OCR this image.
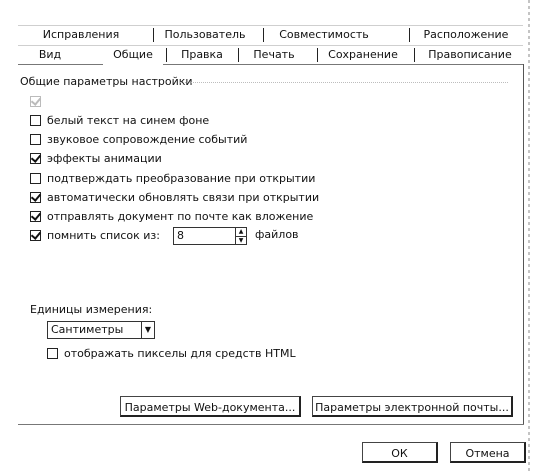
Исправления	Пользователь	Совместимость	Расположение
Вид	Общие	Правка	Печать	Сохранение	Правописание
Общие параметры настройки
белый текст на синем фоне
звуковое сопровождение событий
эффекты анимации
подтверждать преобразование при открытии
автоматически обновлять связи при открытии
отправлять документ по почте как вложение
помнить список из: 8	▲
▼ файлов
Единицы измерения:
Сантиметры	▼
отображать пикселы для средств HTML
Параметры Web-документа...	Параметры электронной почты...
ОК	Отмена
